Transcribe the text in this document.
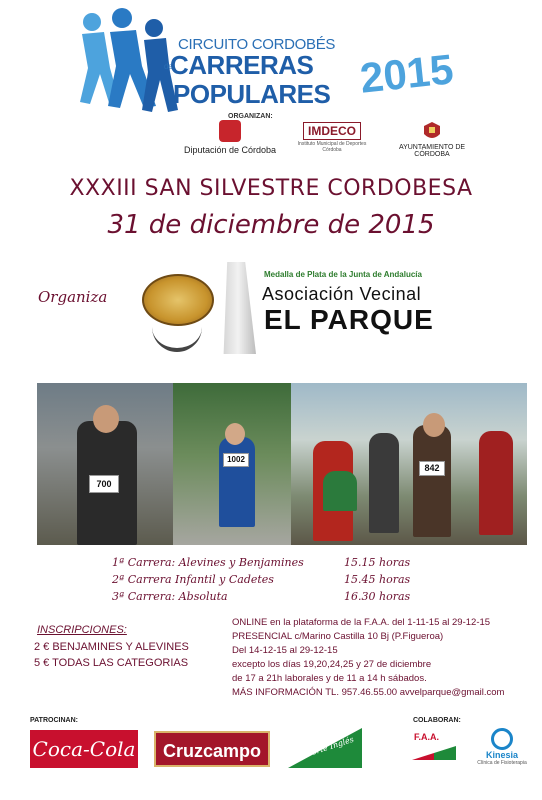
CIRCUITO CORDOBÉS
de
CARRERAS
POPULARES 2015
ORGANIZAN:
Diputación de Córdoba
IMDECO
Instituto Municipal de Deportes Córdoba	AYUNTAMIENTO DE CÓRDOBA
XXXIII SAN SILVESTRE CORDOBESA
31 de diciembre de 2015
Organiza
Medalla de Plata de la Junta de Andalucía
Asociación Vecinal
EL PARQUE
700
1002
842
1ª Carrera: Alevines y Benjamines	15.15 horas
2ª Carrera Infantil y Cadetes	15.45 horas
3ª Carrera: Absoluta	16.30 horas
INSCRIPCIONES:
2 € BENJAMINES Y ALEVINES
5 € TODAS LAS CATEGORIAS
ONLINE en la plataforma de la F.A.A. del 1-11-15 al 29-12-15
PRESENCIAL c/Marino Castilla 10 Bj (P.Figueroa)
Del 14-12-15 al 29-12-15
excepto los días 19,20,24,25 y 27 de diciembre
de 17 a 21h laborales y de 11 a 14 h sábados.
MÁS INFORMACIÓN TL. 957.46.55.00 avvelparque@gmail.com
PATROCINAN:	COLABORAN:
Coca-Cola	Cruzcampo	El Corte Inglés	F.A.A.
Kinesia
Clínica de Fisioterapia
